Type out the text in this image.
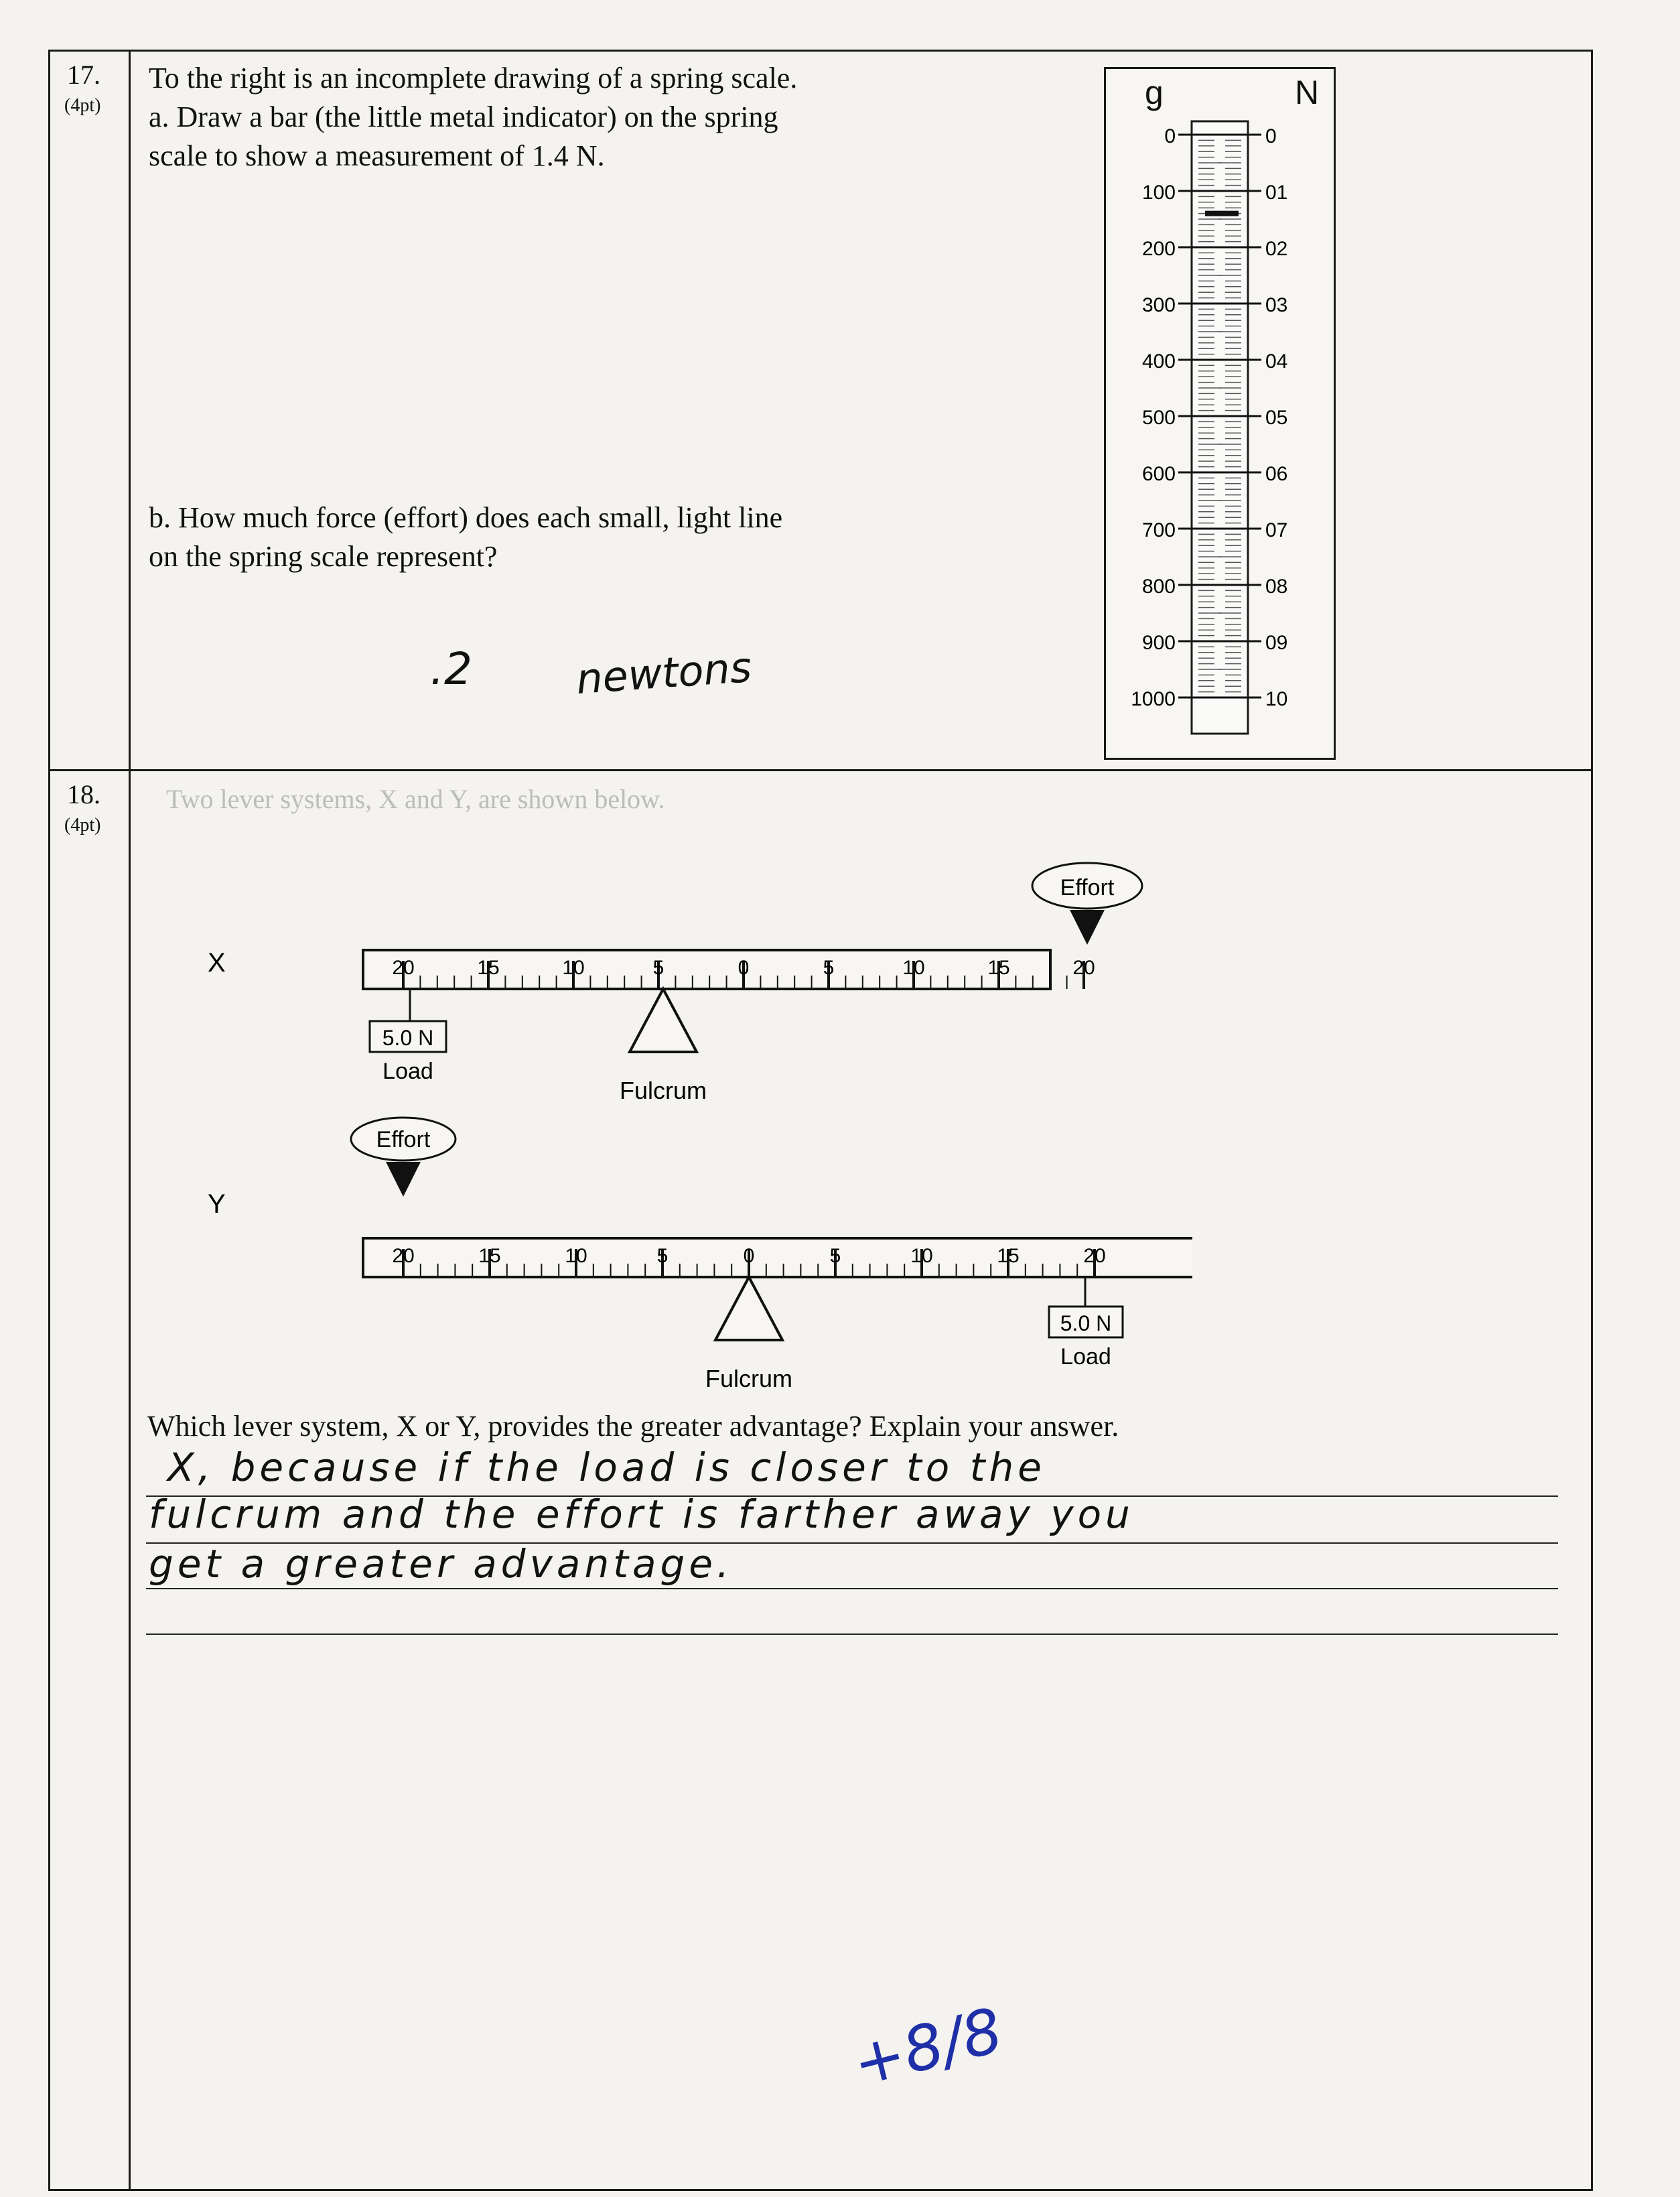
17.
(4pt)
To the right is an incomplete drawing of a spring scale.
a. Draw a bar (the little metal indicator) on the spring
scale to show a measurement of 1.4 N.
b. How much force (effort) does each small, light line
on the spring scale represent?
.2 newtons
g	N
0	0
100	01
200	02
300	03
400	04
500	05
600	06
700	07
800	08
900	09
1000	10
18.
(4pt)
Two lever systems, X and Y, are shown below.
X	20	15	10	5	0	5	10	15	20
Effort
5.0 N
Load
Fulcrum
Y
20	15	10	5	0	5	10	15	20
Effort
5.0 N
Load
Fulcrum
Which lever system, X or Y, provides the greater advantage? Explain your answer.
X, because if the load is closer to the
fulcrum and the effort is farther away you
get a greater advantage.
+8/8
